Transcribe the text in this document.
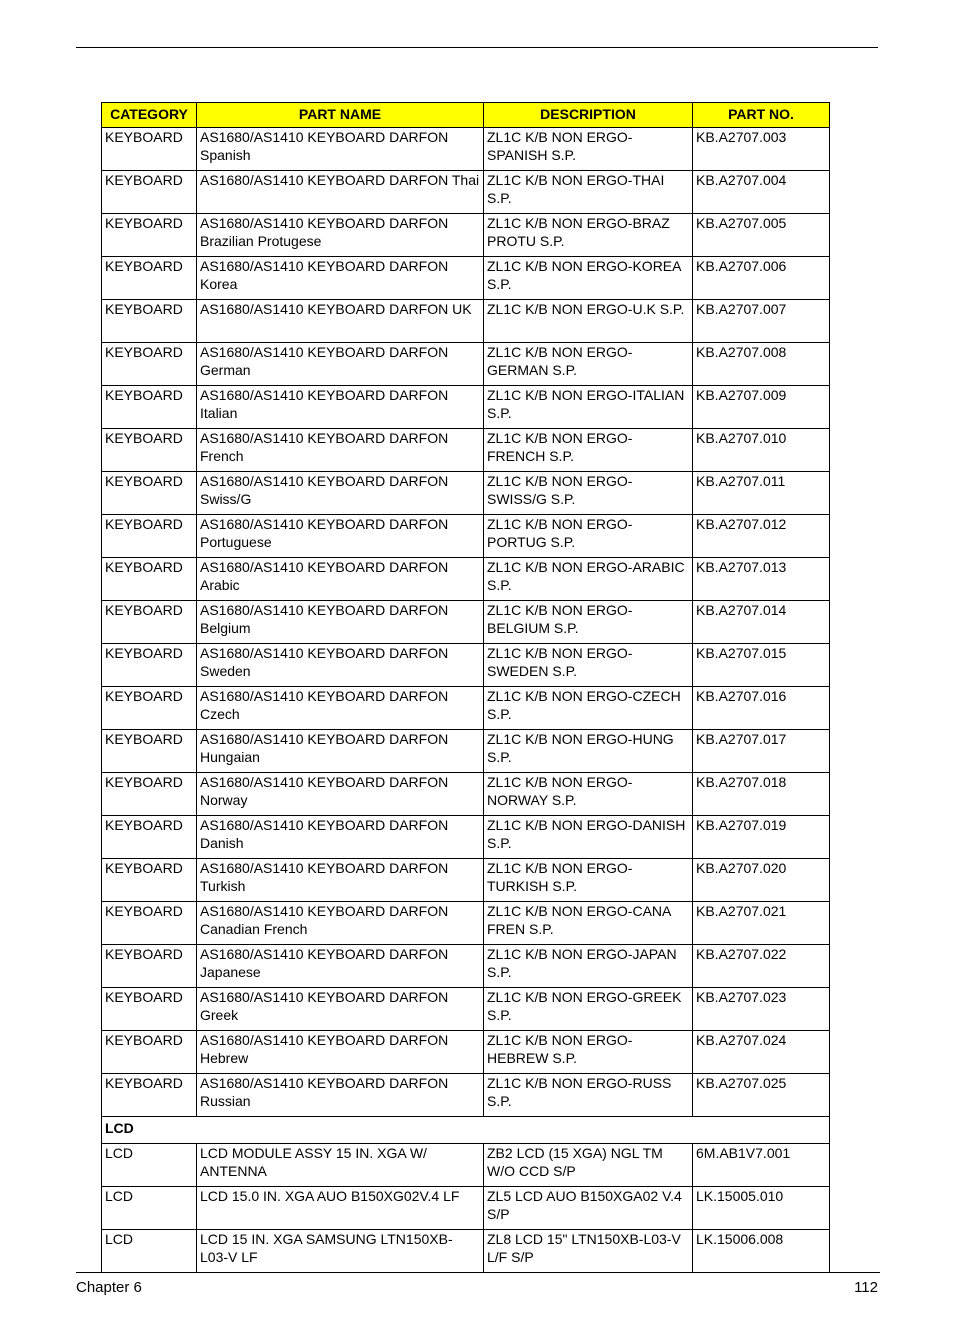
CATEGORY	PART NAME	DESCRIPTION	PART NO.
KEYBOARD	AS1680/AS1410 KEYBOARD DARFON Spanish	ZL1C K/B NON ERGO-SPANISH S.P.	KB.A2707.003
KEYBOARD	AS1680/AS1410 KEYBOARD DARFON Thai	ZL1C K/B NON ERGO-THAI S.P.	KB.A2707.004
KEYBOARD	AS1680/AS1410 KEYBOARD DARFON Brazilian Protugese	ZL1C K/B NON ERGO-BRAZ PROTU S.P.	KB.A2707.005
KEYBOARD	AS1680/AS1410 KEYBOARD DARFON Korea	ZL1C K/B NON ERGO-KOREA S.P.	KB.A2707.006
KEYBOARD	AS1680/AS1410 KEYBOARD DARFON UK	ZL1C K/B NON ERGO-U.K S.P.	KB.A2707.007
KEYBOARD	AS1680/AS1410 KEYBOARD DARFON German	ZL1C K/B NON ERGO-GERMAN S.P.	KB.A2707.008
KEYBOARD	AS1680/AS1410 KEYBOARD DARFON Italian	ZL1C K/B NON ERGO-ITALIAN S.P.	KB.A2707.009
KEYBOARD	AS1680/AS1410 KEYBOARD DARFON French	ZL1C K/B NON ERGO-FRENCH S.P.	KB.A2707.010
KEYBOARD	AS1680/AS1410 KEYBOARD DARFON Swiss/G	ZL1C K/B NON ERGO-SWISS/G S.P.	KB.A2707.011
KEYBOARD	AS1680/AS1410 KEYBOARD DARFON Portuguese	ZL1C K/B NON ERGO-PORTUG S.P.	KB.A2707.012
KEYBOARD	AS1680/AS1410 KEYBOARD DARFON Arabic	ZL1C K/B NON ERGO-ARABIC S.P.	KB.A2707.013
KEYBOARD	AS1680/AS1410 KEYBOARD DARFON Belgium	ZL1C K/B NON ERGO-BELGIUM S.P.	KB.A2707.014
KEYBOARD	AS1680/AS1410 KEYBOARD DARFON Sweden	ZL1C K/B NON ERGO-SWEDEN S.P.	KB.A2707.015
KEYBOARD	AS1680/AS1410 KEYBOARD DARFON Czech	ZL1C K/B NON ERGO-CZECH S.P.	KB.A2707.016
KEYBOARD	AS1680/AS1410 KEYBOARD DARFON Hungaian	ZL1C K/B NON ERGO-HUNG S.P.	KB.A2707.017
KEYBOARD	AS1680/AS1410 KEYBOARD DARFON Norway	ZL1C K/B NON ERGO-NORWAY S.P.	KB.A2707.018
KEYBOARD	AS1680/AS1410 KEYBOARD DARFON Danish	ZL1C K/B NON ERGO-DANISH S.P.	KB.A2707.019
KEYBOARD	AS1680/AS1410 KEYBOARD DARFON Turkish	ZL1C K/B NON ERGO-TURKISH S.P.	KB.A2707.020
KEYBOARD	AS1680/AS1410 KEYBOARD DARFON Canadian French	ZL1C K/B NON ERGO-CANA FREN S.P.	KB.A2707.021
KEYBOARD	AS1680/AS1410 KEYBOARD DARFON Japanese	ZL1C K/B NON ERGO-JAPAN S.P.	KB.A2707.022
KEYBOARD	AS1680/AS1410 KEYBOARD DARFON Greek	ZL1C K/B NON ERGO-GREEK S.P.	KB.A2707.023
KEYBOARD	AS1680/AS1410 KEYBOARD DARFON Hebrew	ZL1C K/B NON ERGO-HEBREW S.P.	KB.A2707.024
KEYBOARD	AS1680/AS1410 KEYBOARD DARFON Russian	ZL1C K/B NON ERGO-RUSS S.P.	KB.A2707.025
LCD			
LCD	LCD MODULE ASSY 15 IN. XGA W/ ANTENNA	ZB2 LCD (15 XGA) NGL TM W/O CCD S/P	6M.AB1V7.001
LCD	LCD 15.0 IN. XGA AUO B150XG02V.4 LF	ZL5 LCD AUO B150XGA02 V.4 S/P	LK.15005.010
LCD	LCD 15 IN. XGA SAMSUNG LTN150XB-L03-V LF	ZL8 LCD 15" LTN150XB-L03-V L/F S/P	LK.15006.008
Chapter 6	112
